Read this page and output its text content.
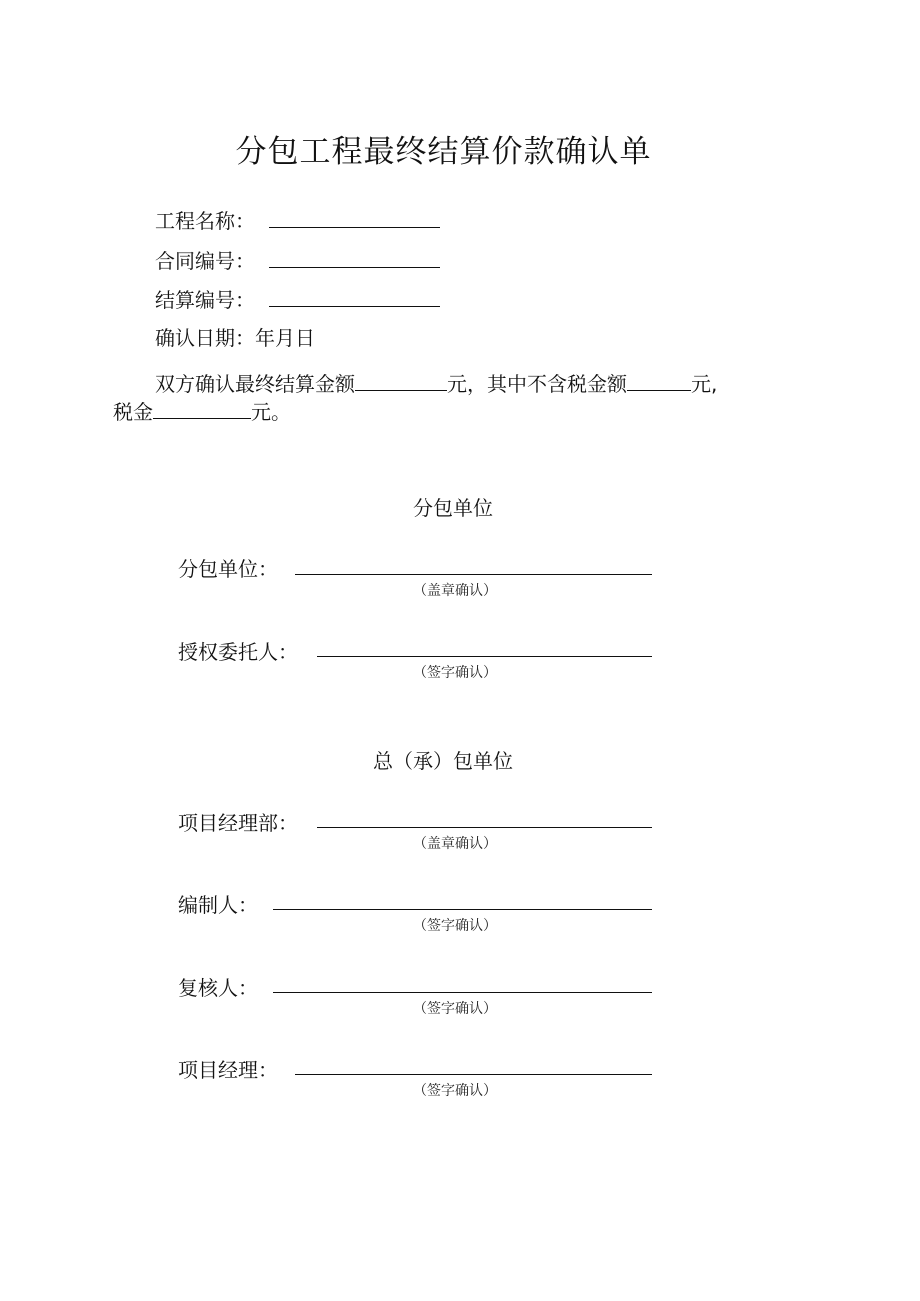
分包工程最终结算价款确认单
工程名称：
合同编号：
结算编号：
确认日期：年月日
双方确认最终结算金额	元，其中不含税金额	元,
税金	元。
分包单位
分包单位：
（盖章确认）
授权委托人：
（签字确认）
总（承）包单位
项目经理部：
（盖章确认）
编制人：
（签字确认）
复核人：
（签字确认）
项目经理：
（签字确认）
